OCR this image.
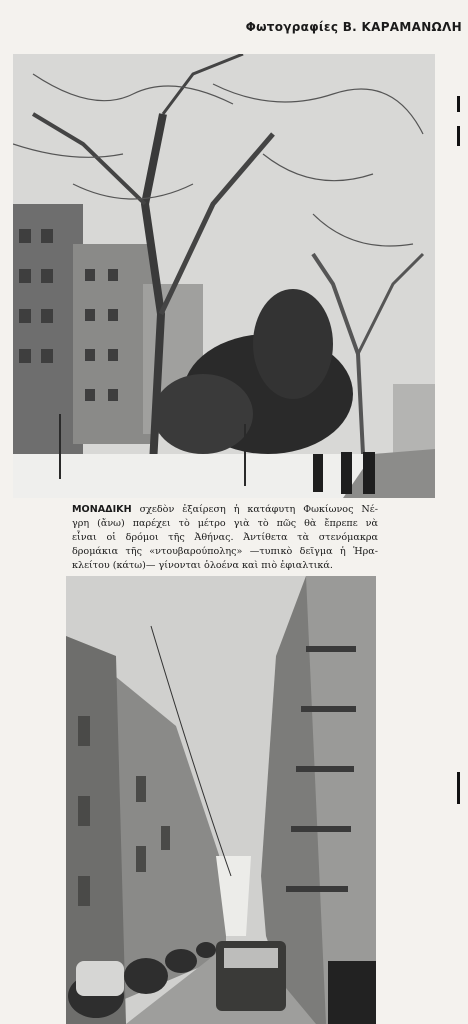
Φωτογραφίες Β. ΚΑΡΑΜΑΝΩΛΗ
ΜΟΝΑΔΙΚΗ σχεδὸν ἐξαίρεση ἡ κατάφυτη Φωκίωνος Νέ-
γρη (ἄνω) παρέχει τὸ μέτρο γιὰ τὸ πῶς θὰ ἔπρεπε νὰ
εἶναι οἱ δρόμοι τῆς Ἀθήνας. Ἀντίθετα τὰ στενόμακρα
δρομάκια τῆς «ντουβαρούπολης» —τυπικὸ δεῖγμα ἡ Ἡρα-
κλείτου (κάτω)— γίνονται ὁλοένα καὶ πιὸ ἐφιαλτικά.
